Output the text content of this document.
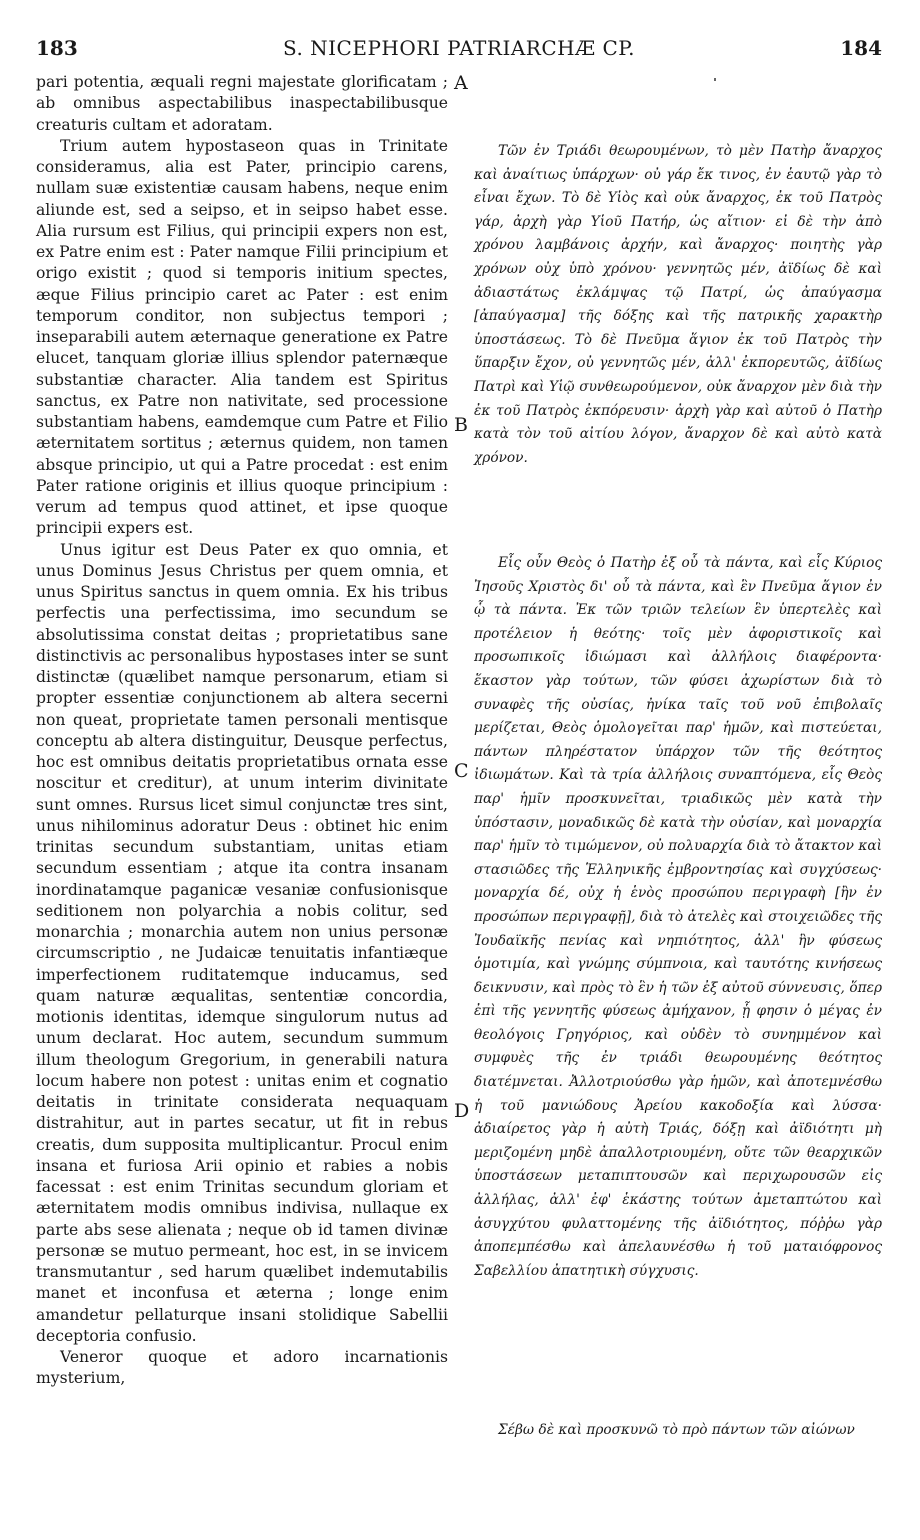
183	S. NICEPHORI PATRIARCHÆ CP.	184

pari potentia, æquali regni majestate glorificatam ; ab omnibus aspectabilibus inaspectabilibusque creaturis cultam et adoratam.

Trium autem hypostaseon quas in Trinitate consideramus, alia est Pater, principio carens, nullam suæ existentiæ causam habens, neque enim aliunde est, sed a seipso, et in seipso habet esse. Alia rursum est Filius, qui principii expers non est, ex Patre enim est : Pater namque Filii principium et origo existit ; quod si temporis initium spectes, æque Filius principio caret ac Pater : est enim temporum conditor, non subjectus tempori ; inseparabili autem æternaque generatione ex Patre elucet, tanquam gloriæ illius splendor paternæque substantiæ character. Alia tandem est Spiritus sanctus, ex Patre non nativitate, sed processione substantiam habens, eamdemque cum Patre et Filio æternitatem sortitus ; æternus quidem, non tamen absque principio, ut qui a Patre procedat : est enim Pater ratione originis et illius quoque principium : verum ad tempus quod attinet, et ipse quoque principii expers est.

Unus igitur est Deus Pater ex quo omnia, et unus Dominus Jesus Christus per quem omnia, et unus Spiritus sanctus in quem omnia. Ex his tribus perfectis una perfectissima, imo secundum se absolutissima constat deitas ; proprietatibus sane distinctivis ac personalibus hypostases inter se sunt distinctæ (quælibet namque personarum, etiam si propter essentiæ conjunctionem ab altera secerni non queat, proprietate tamen personali mentisque conceptu ab altera distinguitur, Deusque perfectus, hoc est omnibus deitatis proprietatibus ornata esse noscitur et creditur), at unum interim divinitate sunt omnes. Rursus licet simul conjunctæ tres sint, unus nihilominus adoratur Deus : obtinet hic enim trinitas secundum substantiam, unitas etiam secundum essentiam ; atque ita contra insanam inordinatamque paganicæ vesaniæ confusionisque seditionem non polyarchia a nobis colitur, sed monarchia ; monarchia autem non unius personæ circumscriptio , ne Judaicæ tenuitatis infantiæque imperfectionem ruditatemque inducamus, sed quam naturæ æqualitas, sententiæ concordia, motionis identitas, idemque singulorum nutus ad unum declarat. Hoc autem, secundum summum illum theologum Gregorium, in generabili natura locum habere non potest : unitas enim et cognatio deitatis in trinitate considerata nequaquam distrahitur, aut in partes secatur, ut fit in rebus creatis, dum supposita multiplicantur. Procul enim insana et furiosa Arii opinio et rabies a nobis facessat : est enim Trinitas secundum gloriam et æternitatem modis omnibus indivisa, nullaque ex parte abs sese alienata ; neque ob id tamen divinæ personæ se mutuo permeant, hoc est, in se invicem transmutantur , sed harum quælibet indemutabilis manet et inconfusa et æterna ; longe enim amandetur pellaturque insani stolidique Sabellii deceptoria confusio.

Veneror quoque et adoro incarnationis mysterium,

A
B
C
D

Τῶν ἐν Τριάδι θεωρουμένων, τὸ μὲν Πατὴρ ἄναρχος καὶ ἀναίτιως ὑπάρχων· οὐ γάρ ἔκ τινος, ἐν ἑαυτῷ γὰρ τὸ εἶναι ἔχων. Τὸ δὲ Υἱὸς καὶ οὐκ ἄναρχος, ἐκ τοῦ Πατρὸς γάρ, ἀρχὴ γὰρ Υἱοῦ Πατήρ, ὡς αἴτιον· εἰ δὲ τὴν ἀπὸ χρόνου λαμβάνοις ἀρχήν, καὶ ἄναρχος· ποιητὴς γὰρ χρόνων οὐχ ὑπὸ χρόνου· γεννητῶς μέν, ἀϊδίως δὲ καὶ ἀδιαστάτως ἐκλάμψας τῷ Πατρί, ὡς ἀπαύγασμα [ἀπαύγασμα] τῆς δόξης καὶ τῆς πατρικῆς χαρακτὴρ ὑποστάσεως. Τὸ δὲ Πνεῦμα ἅγιον ἐκ τοῦ Πατρὸς τὴν ὕπαρξιν ἔχον, οὐ γεννητῶς μέν, ἀλλ' ἐκπορευτῶς, ἀϊδίως Πατρὶ καὶ Υἱῷ συνθεωρούμενον, οὐκ ἄναρχον μὲν διὰ τὴν ἐκ τοῦ Πατρὸς ἐκπόρευσιν· ἀρχὴ γὰρ καὶ αὐτοῦ ὁ Πατὴρ κατὰ τὸν τοῦ αἰτίου λόγον, ἄναρχον δὲ καὶ αὐτὸ κατὰ χρόνον.

Εἷς οὖν Θεὸς ὁ Πατὴρ ἐξ οὗ τὰ πάντα, καὶ εἷς Κύριος Ἰησοῦς Χριστὸς δι' οὗ τὰ πάντα, καὶ ἓν Πνεῦμα ἅγιον ἐν ᾧ τὰ πάντα. Ἐκ τῶν τριῶν τελείων ἓν ὑπερτελὲς καὶ προτέλειον ἡ θεότης· τοῖς μὲν ἀφοριστικοῖς καὶ προσωπικοῖς ἰδιώμασι καὶ ἀλλήλοις διαφέροντα· ἕκαστον γὰρ τούτων, τῶν φύσει ἀχωρίστων διὰ τὸ συναφὲς τῆς οὐσίας, ἠνίκα ταῖς τοῦ νοῦ ἐπιβολαῖς μερίζεται, Θεὸς ὁμολογεῖται παρ' ἡμῶν, καὶ πιστεύεται, πάντων πληρέστατον ὑπάρχον τῶν τῆς θεότητος ἰδιωμάτων. Καὶ τὰ τρία ἀλλήλοις συναπτόμενα, εἷς Θεὸς παρ' ἡμῖν προσκυνεῖται, τριαδικῶς μὲν κατὰ τὴν ὑπόστασιν, μοναδικῶς δὲ κατὰ τὴν οὐσίαν, καὶ μοναρχία παρ' ἡμῖν τὸ τιμώμενον, οὐ πολυαρχία διὰ τὸ ἄτακτον καὶ στασιῶδες τῆς Ἑλληνικῆς ἐμβροντησίας καὶ συγχύσεως· μοναρχία δέ, οὐχ ἡ ἑνὸς προσώπου περιγραφὴ [ἢν ἐν προσώπων περιγραφῇ], διὰ τὸ ἀτελὲς καὶ στοιχειῶδες τῆς Ἰουδαϊκῆς πενίας καὶ νηπιότητος, ἀλλ' ἣν φύσεως ὁμοτιμία, καὶ γνώμης σύμπνοια, καὶ ταυτότης κινήσεως δεικνυσιν, καὶ πρὸς τὸ ἓν ἡ τῶν ἐξ αὐτοῦ σύννευσις, ὅπερ ἐπὶ τῆς γεννητῆς φύσεως ἀμήχανον, ᾗ φησιν ὁ μέγας ἐν θεολόγοις Γρηγόριος, καὶ οὐδὲν τὸ συνημμένον καὶ συμφυὲς τῆς ἐν τριάδι θεωρουμένης θεότητος διατέμνεται. Ἀλλοτριούσθω γὰρ ἡμῶν, καὶ ἀποτεμνέσθω ἡ τοῦ μανιώδους Ἀρείου κακοδοξία καὶ λύσσα· ἀδιαίρετος γὰρ ἡ αὐτὴ Τριάς, δόξῃ καὶ ἀϊδιότητι μὴ μεριζομένη μηδὲ ἀπαλλοτριουμένη, οὔτε τῶν θεαρχικῶν ὑποστάσεων μεταπιπτουσῶν καὶ περιχωρουσῶν εἰς ἀλλήλας, ἀλλ' ἐφ' ἑκάστης τούτων ἀμεταπτώτου καὶ ἀσυγχύτου φυλαττομένης τῆς ἀϊδιότητος, πόῤῥω γὰρ ἀποπεμπέσθω καὶ ἀπελαυνέσθω ἡ τοῦ ματαιόφρονος Σαβελλίου ἀπατητικὴ σύγχυσις.

Σέβω δὲ καὶ προσκυνῶ τὸ πρὸ πάντων τῶν αἰώνων
